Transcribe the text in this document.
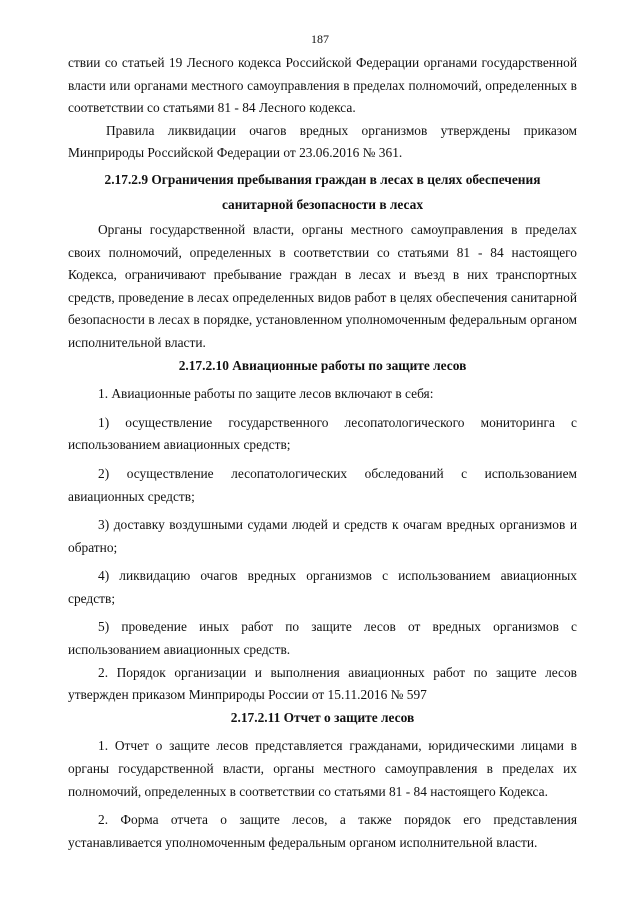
187

ствии со статьей 19 Лесного кодекса Российской Федерации органами государственной власти или органами местного самоуправления в пределах полномочий, определенных в соответствии со статьями 81 - 84 Лесного кодекса.

Правила ликвидации очагов вредных организмов утверждены приказом Минприроды Российской Федерации от 23.06.2016 № 361.

2.17.2.9 Ограничения пребывания граждан в лесах в целях обеспечения санитарной безопасности в лесах

Органы государственной власти, органы местного самоуправления в пределах своих полномочий, определенных в соответствии со статьями 81 - 84 настоящего Кодекса, ограничивают пребывание граждан в лесах и въезд в них транспортных средств, проведение в лесах определенных видов работ в целях обеспечения санитарной безопасности в лесах в порядке, установленном уполномоченным федеральным органом исполнительной власти.

2.17.2.10 Авиационные работы по защите лесов

1. Авиационные работы по защите лесов включают в себя:

1) осуществление государственного лесопатологического мониторинга с использованием авиационных средств;

2) осуществление лесопатологических обследований с использованием авиационных средств;

3) доставку воздушными судами людей и средств к очагам вредных организмов и обратно;

4) ликвидацию очагов вредных организмов с использованием авиационных средств;

5) проведение иных работ по защите лесов от вредных организмов с использованием авиационных средств.

2. Порядок организации и выполнения авиационных работ по защите лесов утвержден приказом Минприроды России от 15.11.2016 № 597

2.17.2.11 Отчет о защите лесов

1. Отчет о защите лесов представляется гражданами, юридическими лицами в органы государственной власти, органы местного самоуправления в пределах их полномочий, определенных в соответствии со статьями 81 - 84 настоящего Кодекса.

2. Форма отчета о защите лесов, а также порядок его представления устанавливается уполномоченным федеральным органом исполнительной власти.
